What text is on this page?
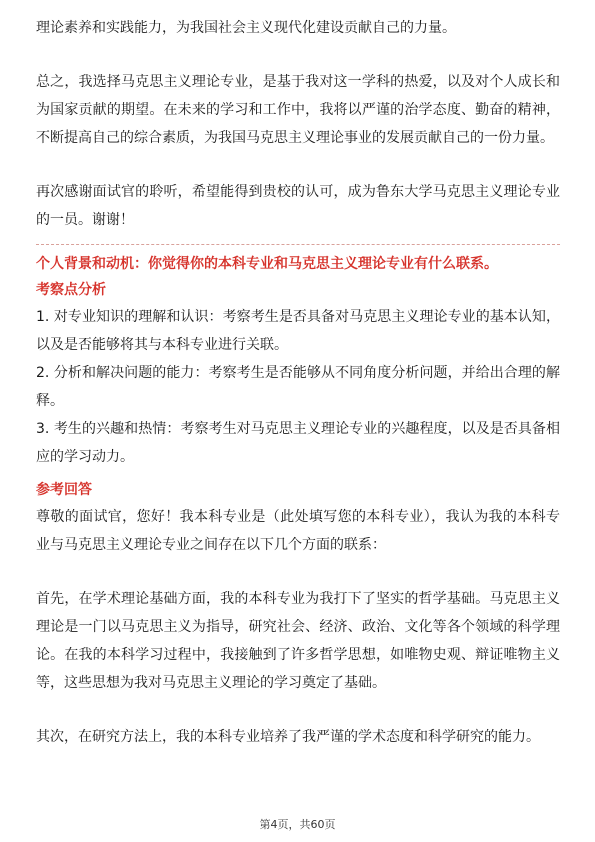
理论素养和实践能力，为我国社会主义现代化建设贡献自己的力量。

总之，我选择马克思主义理论专业，是基于我对这一学科的热爱，以及对个人成长和为国家贡献的期望。在未来的学习和工作中，我将以严谨的治学态度、勤奋的精神，不断提高自己的综合素质，为我国马克思主义理论事业的发展贡献自己的一份力量。

再次感谢面试官的聆听，希望能得到贵校的认可，成为鲁东大学马克思主义理论专业的一员。谢谢！

个人背景和动机：你觉得你的本科专业和马克思主义理论专业有什么联系。

考察点分析

1. 对专业知识的理解和认识：考察考生是否具备对马克思主义理论专业的基本认知，以及是否能够将其与本科专业进行关联。

2. 分析和解决问题的能力：考察考生是否能够从不同角度分析问题，并给出合理的解释。

3. 考生的兴趣和热情：考察考生对马克思主义理论专业的兴趣程度，以及是否具备相应的学习动力。

参考回答

尊敬的面试官，您好！我本科专业是（此处填写您的本科专业），我认为我的本科专业与马克思主义理论专业之间存在以下几个方面的联系：

首先，在学术理论基础方面，我的本科专业为我打下了坚实的哲学基础。马克思主义理论是一门以马克思主义为指导，研究社会、经济、政治、文化等各个领域的科学理论。在我的本科学习过程中，我接触到了许多哲学思想，如唯物史观、辩证唯物主义等，这些思想为我对马克思主义理论的学习奠定了基础。

其次，在研究方法上，我的本科专业培养了我严谨的学术态度和科学研究的能力。

第4页，共60页
